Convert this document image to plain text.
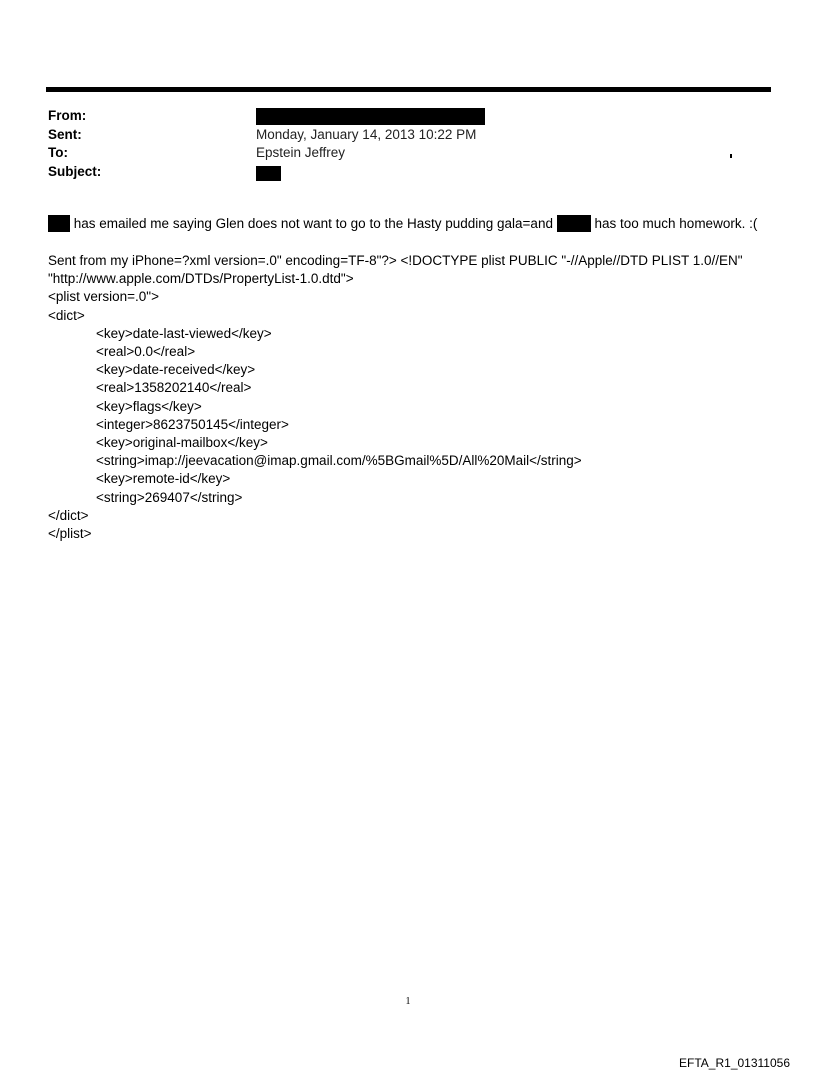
From:
Sent:	Monday, January 14, 2013 10:22 PM
To:	Epstein Jeffrey
Subject:
has emailed me saying Glen does not want to go to the Hasty pudding gala=and	has too much homework. :(
Sent from my iPhone=?xml version=.0" encoding=TF-8"?> <!DOCTYPE plist PUBLIC "-//Apple//DTD PLIST 1.0//EN"
"http://www.apple.com/DTDs/PropertyList-1.0.dtd">
<plist version=.0">
<dict>
<key>date-last-viewed</key>
<real>0.0</real>
<key>date-received</key>
<real>1358202140</real>
<key>flags</key>
<integer>8623750145</integer>
<key>original-mailbox</key>
<string>imap://jeevacation@imap.gmail.com/%5BGmail%5D/All%20Mail</string>
<key>remote-id</key>
<string>269407</string>
</dict>
</plist>
1
EFTA_R1_01311056
